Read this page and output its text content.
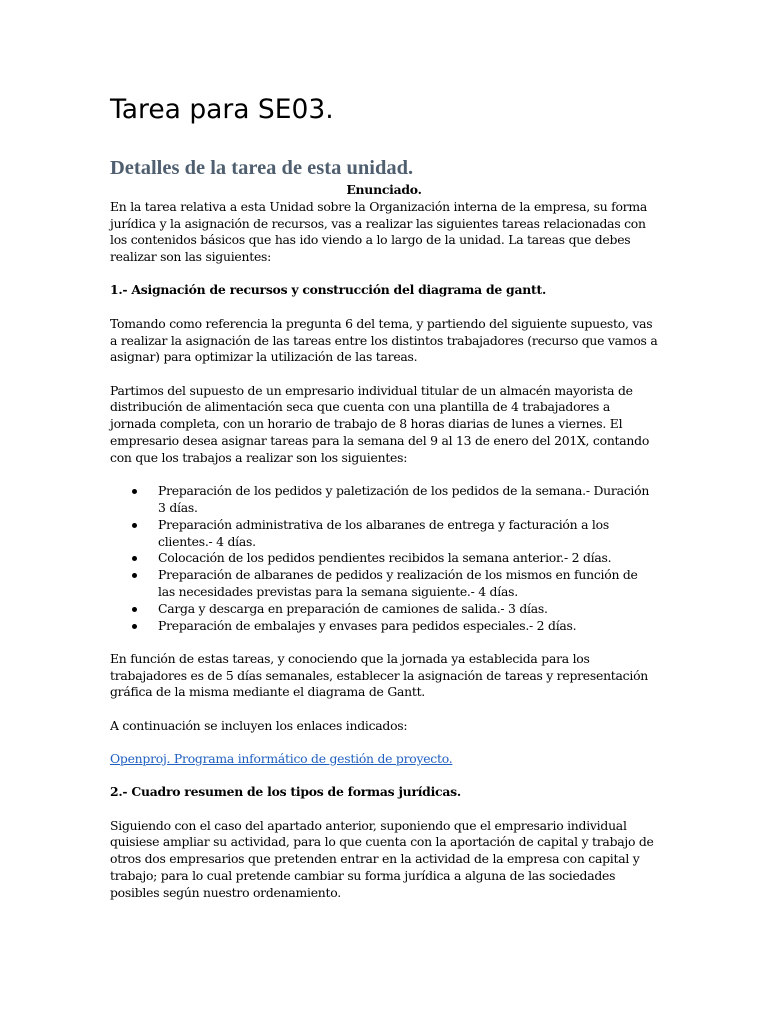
Tarea para SE03.
Detalles de la tarea de esta unidad.

Enunciado.

En la tarea relativa a esta Unidad sobre la Organización interna de la empresa, su forma jurídica y la asignación de recursos, vas a realizar las siguientes tareas relacionadas con los contenidos básicos que has ido viendo a lo largo de la unidad. La tareas que debes realizar son las siguientes:

1.- Asignación de recursos y construcción del diagrama de gantt.

Tomando como referencia la pregunta 6 del tema, y partiendo del siguiente supuesto, vas a realizar la asignación de las tareas entre los distintos trabajadores (recurso que vamos a asignar) para optimizar la utilización de las tareas.

Partimos del supuesto de un empresario individual titular de un almacén mayorista de distribución de alimentación seca que cuenta con una plantilla de 4 trabajadores a jornada completa, con un horario de trabajo de 8 horas diarias de lunes a viernes. El empresario desea asignar tareas para la semana del 9 al 13 de enero del 201X, contando con que los trabajos a realizar son los siguientes:

Preparación de los pedidos y paletización de los pedidos de la semana.- Duración 3 días.
Preparación administrativa de los albaranes de entrega y facturación a los clientes.- 4 días.
Colocación de los pedidos pendientes recibidos la semana anterior.- 2 días.
Preparación de albaranes de pedidos y realización de los mismos en función de las necesidades previstas para la semana siguiente.- 4 días.
Carga y descarga en preparación de camiones de salida.- 3 días.
Preparación de embalajes y envases para pedidos especiales.- 2 días.

En función de estas tareas, y conociendo que la jornada ya establecida para los trabajadores es de 5 días semanales, establecer la asignación de tareas y representación gráfica de la misma mediante el diagrama de Gantt.

A continuación se incluyen los enlaces indicados:

Openproj. Programa informático de gestión de proyecto.

2.- Cuadro resumen de los tipos de formas jurídicas.

Siguiendo con el caso del apartado anterior, suponiendo que el empresario individual quisiese ampliar su actividad, para lo que cuenta con la aportación de capital y trabajo de otros dos empresarios que pretenden entrar en la actividad de la empresa con capital y trabajo; para lo cual pretende cambiar su forma jurídica a alguna de las sociedades posibles según nuestro ordenamiento.
